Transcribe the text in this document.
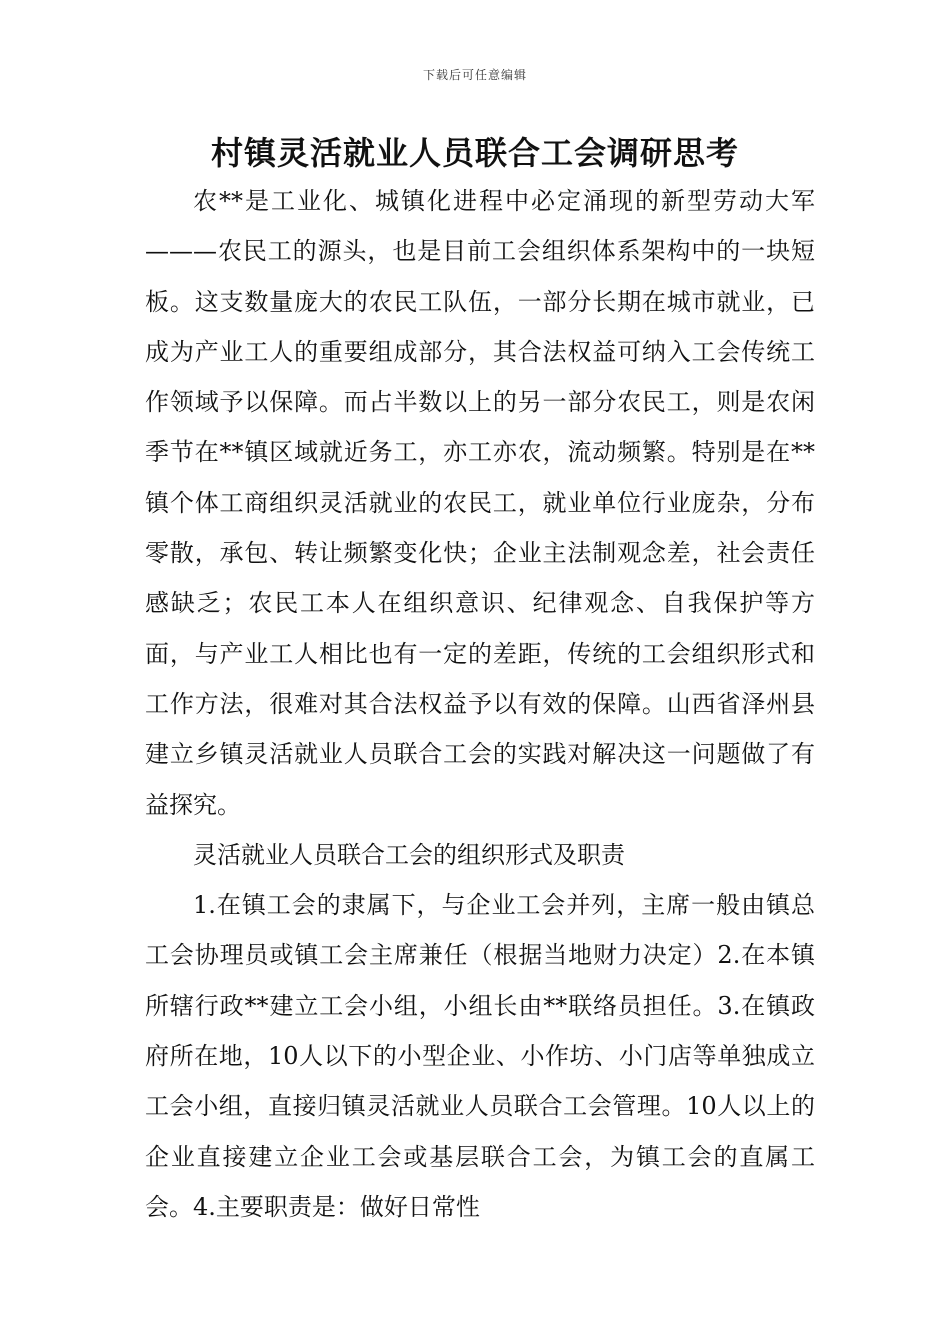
下载后可任意编辑
村镇灵活就业人员联合工会调研思考

农**是工业化、城镇化进程中必定涌现的新型劳动大军———农民工的源头，也是目前工会组织体系架构中的一块短板。这支数量庞大的农民工队伍，一部分长期在城市就业，已成为产业工人的重要组成部分，其合法权益可纳入工会传统工作领域予以保障。而占半数以上的另一部分农民工，则是农闲季节在**镇区域就近务工，亦工亦农，流动频繁。特别是在**镇个体工商组织灵活就业的农民工，就业单位行业庞杂，分布零散，承包、转让频繁变化快；企业主法制观念差，社会责任感缺乏；农民工本人在组织意识、纪律观念、自我保护等方面，与产业工人相比也有一定的差距，传统的工会组织形式和工作方法，很难对其合法权益予以有效的保障。山西省泽州县建立乡镇灵活就业人员联合工会的实践对解决这一问题做了有益探究。

灵活就业人员联合工会的组织形式及职责

1.在镇工会的隶属下，与企业工会并列，主席一般由镇总工会协理员或镇工会主席兼任（根据当地财力决定）2.在本镇所辖行政**建立工会小组，小组长由**联络员担任。3.在镇政府所在地，10人以下的小型企业、小作坊、小门店等单独成立工会小组，直接归镇灵活就业人员联合工会管理。10人以上的企业直接建立企业工会或基层联合工会，为镇工会的直属工会。4.主要职责是：做好日常性
